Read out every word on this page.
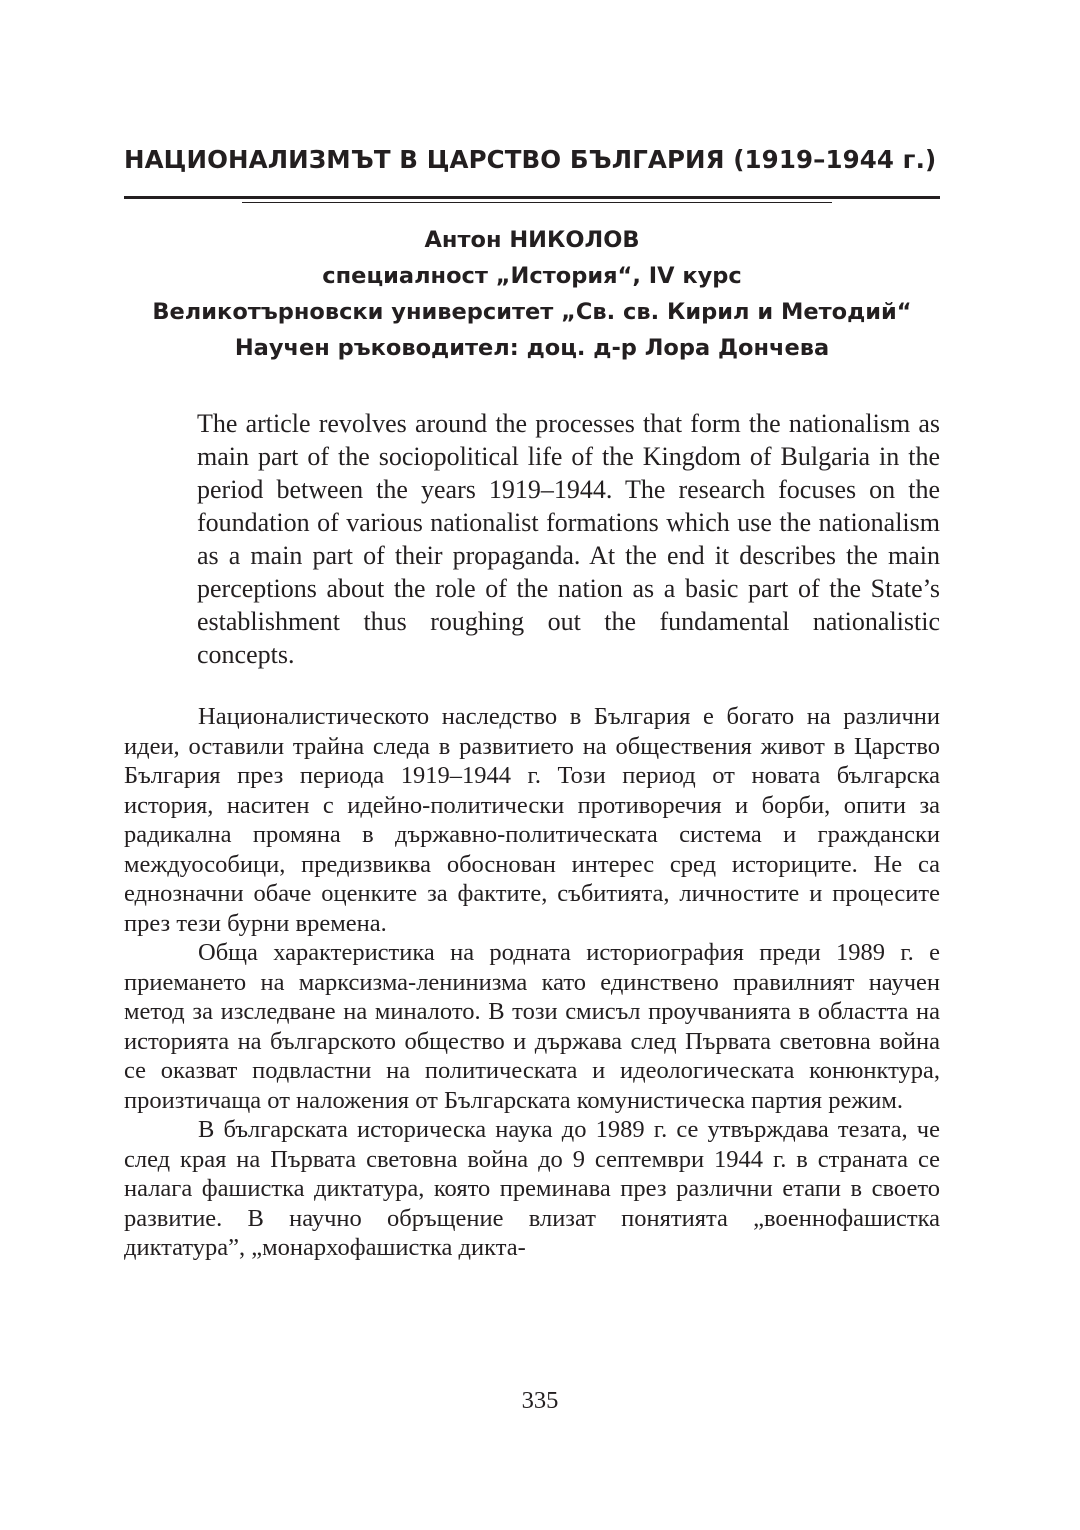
НАЦИОНАЛИЗМЪТ В ЦАРСТВО БЪЛГАРИЯ (1919–1944 г.)
Антон НИКОЛОВ
специалност „История“, IV курс
Великотърновски университет „Св. св. Кирил и Методий“
Научен ръководител: доц. д-р Лора Дончева

The article revolves around the processes that form the nationalism as main part of the sociopolitical life of the Kingdom of Bulgaria in the period between the years 1919–1944. The research focuses on the foundation of various nationalist formations which use the nationalism as a main part of their propaganda. At the end it describes the main perceptions about the role of the nation as a basic part of the State’s establishment thus roughing out the fundamental nationalistic concepts.

Националистическото наследство в България е богато на различни идеи, оставили трайна следа в развитието на обществения живот в Царство България през периода 1919–1944 г. Този период от новата българска история, наситен с идейно-политически противоречия и борби, опити за радикална промяна в държавно-политическата система и граждански междуособици, предизвиква обоснован интерес сред историците. Не са еднозначни обаче оценките за фактите, събитията, личностите и процесите през тези бурни времена.

Обща характеристика на родната историография преди 1989 г. е приемането на марксизма-ленинизма като единствено правилният научен метод за изследване на миналото. В този смисъл проучванията в областта на историята на българското общество и държава след Първата световна война се оказват подвластни на политическата и идеологическата конюнктура, произтичаща от наложения от Българската комунистическа партия режим.

В българската историческа наука до 1989 г. се утвърждава тезата, че след края на Първата световна война до 9 септември 1944 г. в страната се налага фашистка диктатура, която преминава през различни етапи в своето развитие. В научно обръщение влизат понятията „военнофашистка диктатура”, „монархофашистка дикта-

335
